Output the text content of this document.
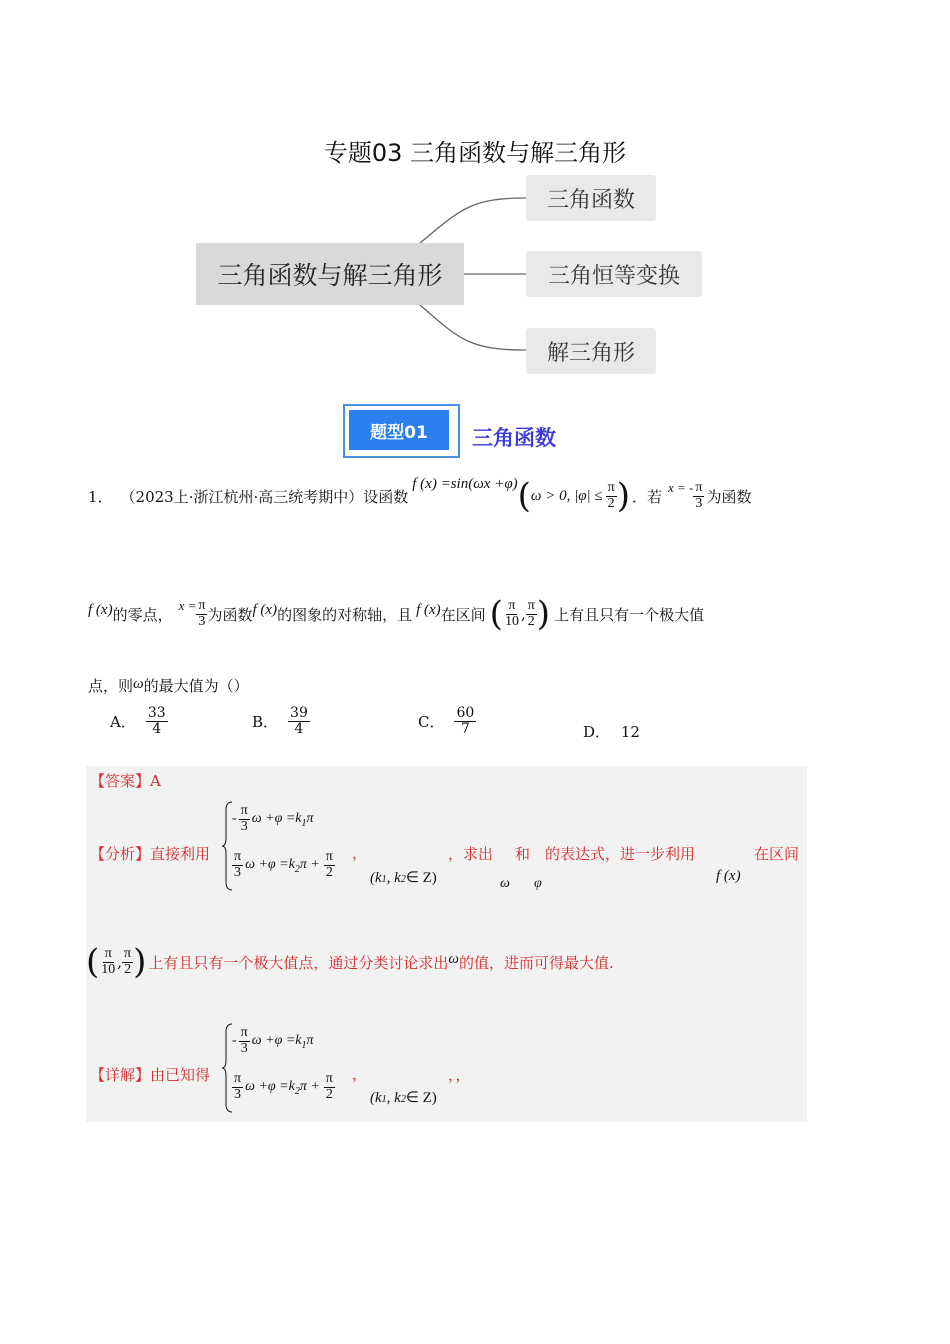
专题03 三角函数与解三角形
三角函数与解三角形
三角函数
三角恒等变换
解三角形
题型01	三角函数
1． （2023上·浙江杭州·高三统考期中）设函数
f (x) =sin(ωx +φ) ( ω > 0, $|\varphi| \le \frac{\pi}{2}$ ) ．若 x = - $\frac{\pi}{3}$ 为函数
f (x) 的零点， $x = \frac{\pi}{3}$ 为函数 f (x) 的图象的对称轴，且 f (x) 在区间 ( $\frac{\pi}{10}$ , $\frac{\pi}{2}$ ) 上有且只有一个极大值
点，则ω的最大值为（）
A． $\frac{33}{4}$	B． $\frac{39}{4}$	C． $\frac{60}{7}$	D． 12
【答案】A
【分析】直接利用
- $\frac{\pi}{3}$ ω +φ =k 1 π
$\frac{\pi}{3}$ ω +φ =k 2 $\pi + \frac{\pi}{2}$ ，
(k1, k2∈ Z)
，求出 和 的表达式，进一步利用	在区间
ω φ	f (x)
( $\frac{\pi}{10}$ , $\frac{\pi}{2}$ ) 上有且只有一个极大值点，通过分类讨论求出 ω 的值，进而可得最大值.
【详解】由已知得
- $\frac{\pi}{3}$ ω +φ =k 1 π
$\frac{\pi}{3}$ ω +φ =k 2 $\pi + \frac{\pi}{2}$ ，
(k1, k2∈ Z)
，，
